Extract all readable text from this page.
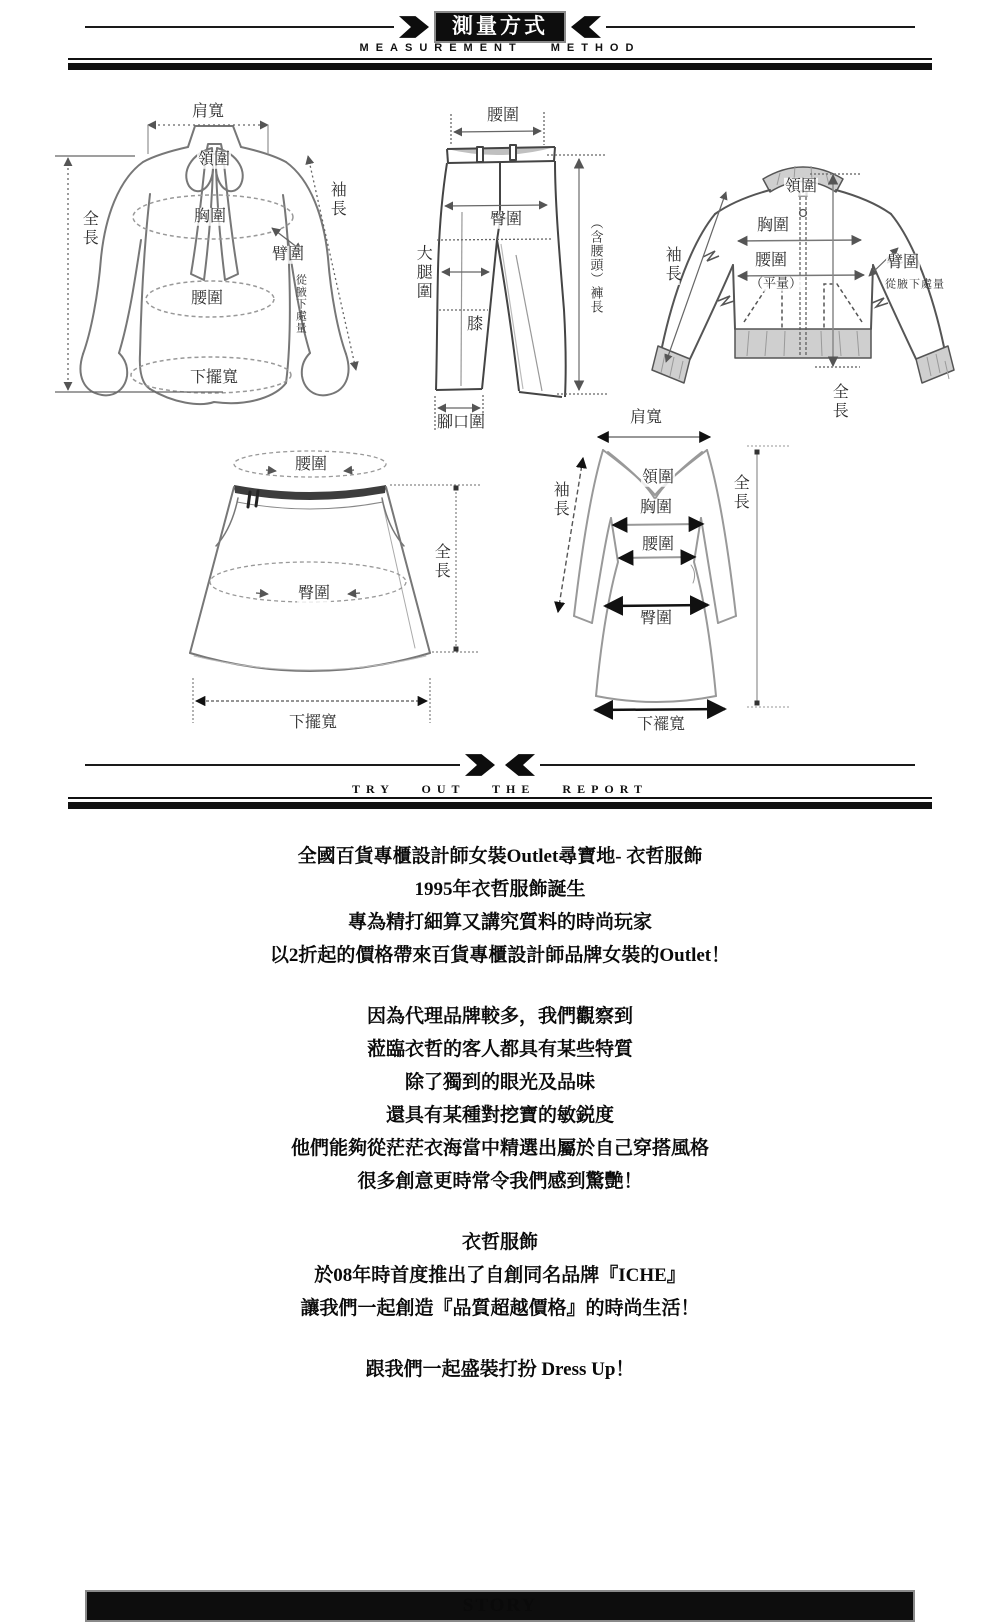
測量方式
MEASUREMENT METHOD
肩寬
領圍
胸圍
腰圍
下擺寬
全長
袖長
臂圍
從腋下處量
腰圍
臀圍
大腿圍
膝
腳口圍
（含腰頭）褲長
領圍
胸圍
腰圍
（平量）
袖長	臂圍
從腋下處量
全長
腰圍
臀圍
全長
下擺寬
肩寬
領圍
胸圍
腰圍
臀圍
袖長	全長
下襬寬
STORY
TRY OUT THE REPORT
全國百貨專櫃設計師女裝Outlet尋寶地- 衣哲服飾
1995年衣哲服飾誕生
專為精打細算又講究質料的時尚玩家
以2折起的價格帶來百貨專櫃設計師品牌女裝的Outlet！
因為代理品牌較多，我們觀察到
蒞臨衣哲的客人都具有某些特質
除了獨到的眼光及品味
還具有某種對挖寶的敏鋭度
他們能夠從茫茫衣海當中精選出屬於自己穿搭風格
很多創意更時常令我們感到驚艷！
衣哲服飾
於08年時首度推出了自創同名品牌『ICHE』
讓我們一起創造『品質超越價格』的時尚生活！
跟我們一起盛裝打扮 Dress Up！
